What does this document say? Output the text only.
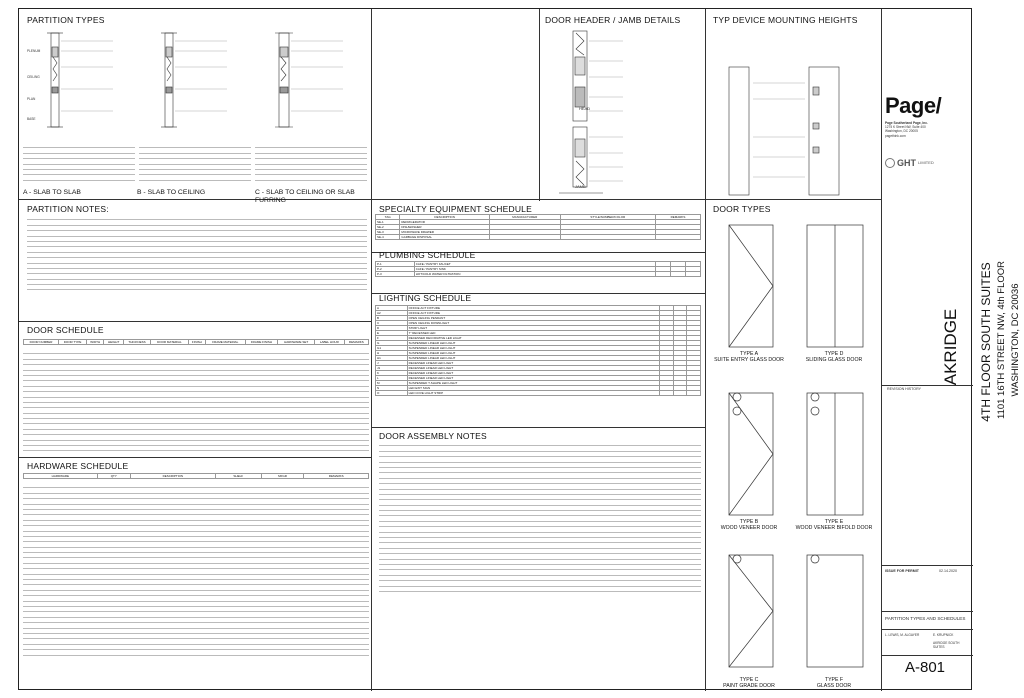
PARTITION TYPES	DOOR HEADER / JAMB DETAILS	TYP DEVICE MOUNTING HEIGHTS
PARTITION NOTES:	SPECIALTY EQUIPMENT SCHEDULE
PLUMBING SCHEDULE
LIGHTING SCHEDULE
DOOR TYPES
DOOR SCHEDULE
HARDWARE SCHEDULE
DOOR ASSEMBLY NOTES
PLENUM
CEILING
PLAN
BASE
A - SLAB TO SLAB	B - SLAB TO CEILING	C - SLAB TO CEILING OR SLAB FURRING
HEAD
JAMB
DOOR NUMBER	DOOR TYPE	WIDTH	HEIGHT	THICKNESS	DOOR MATERIAL	FINISH	FRAME MATERIAL	FRAME FINISH	HARDWARE SET	LABEL HOUR	REMARKS
HARDWARE	QTY	DESCRIPTION	SHELF	MFGR	REMARKS
TAG	DESCRIPTION	MANUFACTURER	STYLE/NUMBER/COLOR	REMARKS
SE-1	REFRIGERATOR			
SE-2	DISHWASHER			
SE-3	MICROWAVE DRAWER			
SE-4	GARBAGE DISPOSAL			
P-1	CAFE / PANTRY FAUCET			
P-2	CAFE / PANTRY SINK			
P-3	HOT/COLD WATER FILTRATION			
A	OFFICE ACT FIXTURE			
A2	OFFICE ACT FIXTURE			
B	OPEN CEILING PENDANT			
C	OPEN CEILING DOWNLIGHT			
D	STRIP LIGHT			
E	7" RECESSED LED			
F	RECESSED DECORATIVE LED LIGHT			
G	SUSPENDED LINEAR LED LIGHT			
G1	SUSPENDED LINEAR LED LIGHT			
H	SUSPENDED LINEAR LED LIGHT			
H1	SUSPENDED LINEAR LED LIGHT			
J	RECESSED LINEAR LED LIGHT			
J1	RECESSED LINEAR LED LIGHT			
K	RECESSED LINEAR LED LIGHT			
L	RECESSED LINEAR LED LIGHT			
M	SUSPENDED T-SHAPE LED LIGHT			
N	LED EXIT SIGN			
O	LED COVE LIGHT STRIP			
TYPE A
SUITE ENTRY GLASS DOOR
TYPE D
SLIDING GLASS DOOR
TYPE B
WOOD VENEER DOOR
TYPE E
WOOD VENEER BIFOLD DOOR
TYPE C
PAINT GRADE DOOR
TYPE F
GLASS DOOR
Page/
Page Southerland Page, Inc.
1275 K Street NW, Suite 400
Washington, DC 20005
pagethink.com
GHT LIMITED
AKRIDGE	4TH FLOOR SOUTH SUITES 1101 16TH STREET NW, 4th FLOOR WASHINGTON, DC 20036
REVISION HISTORY
ISSUE FOR PERMIT	02.14.2020
PARTITION TYPES AND SCHEDULES
L. LEWIS, M. ALGAYER	E. KRUPNICK
AKRIDGE SOUTH SUITES
A-801
